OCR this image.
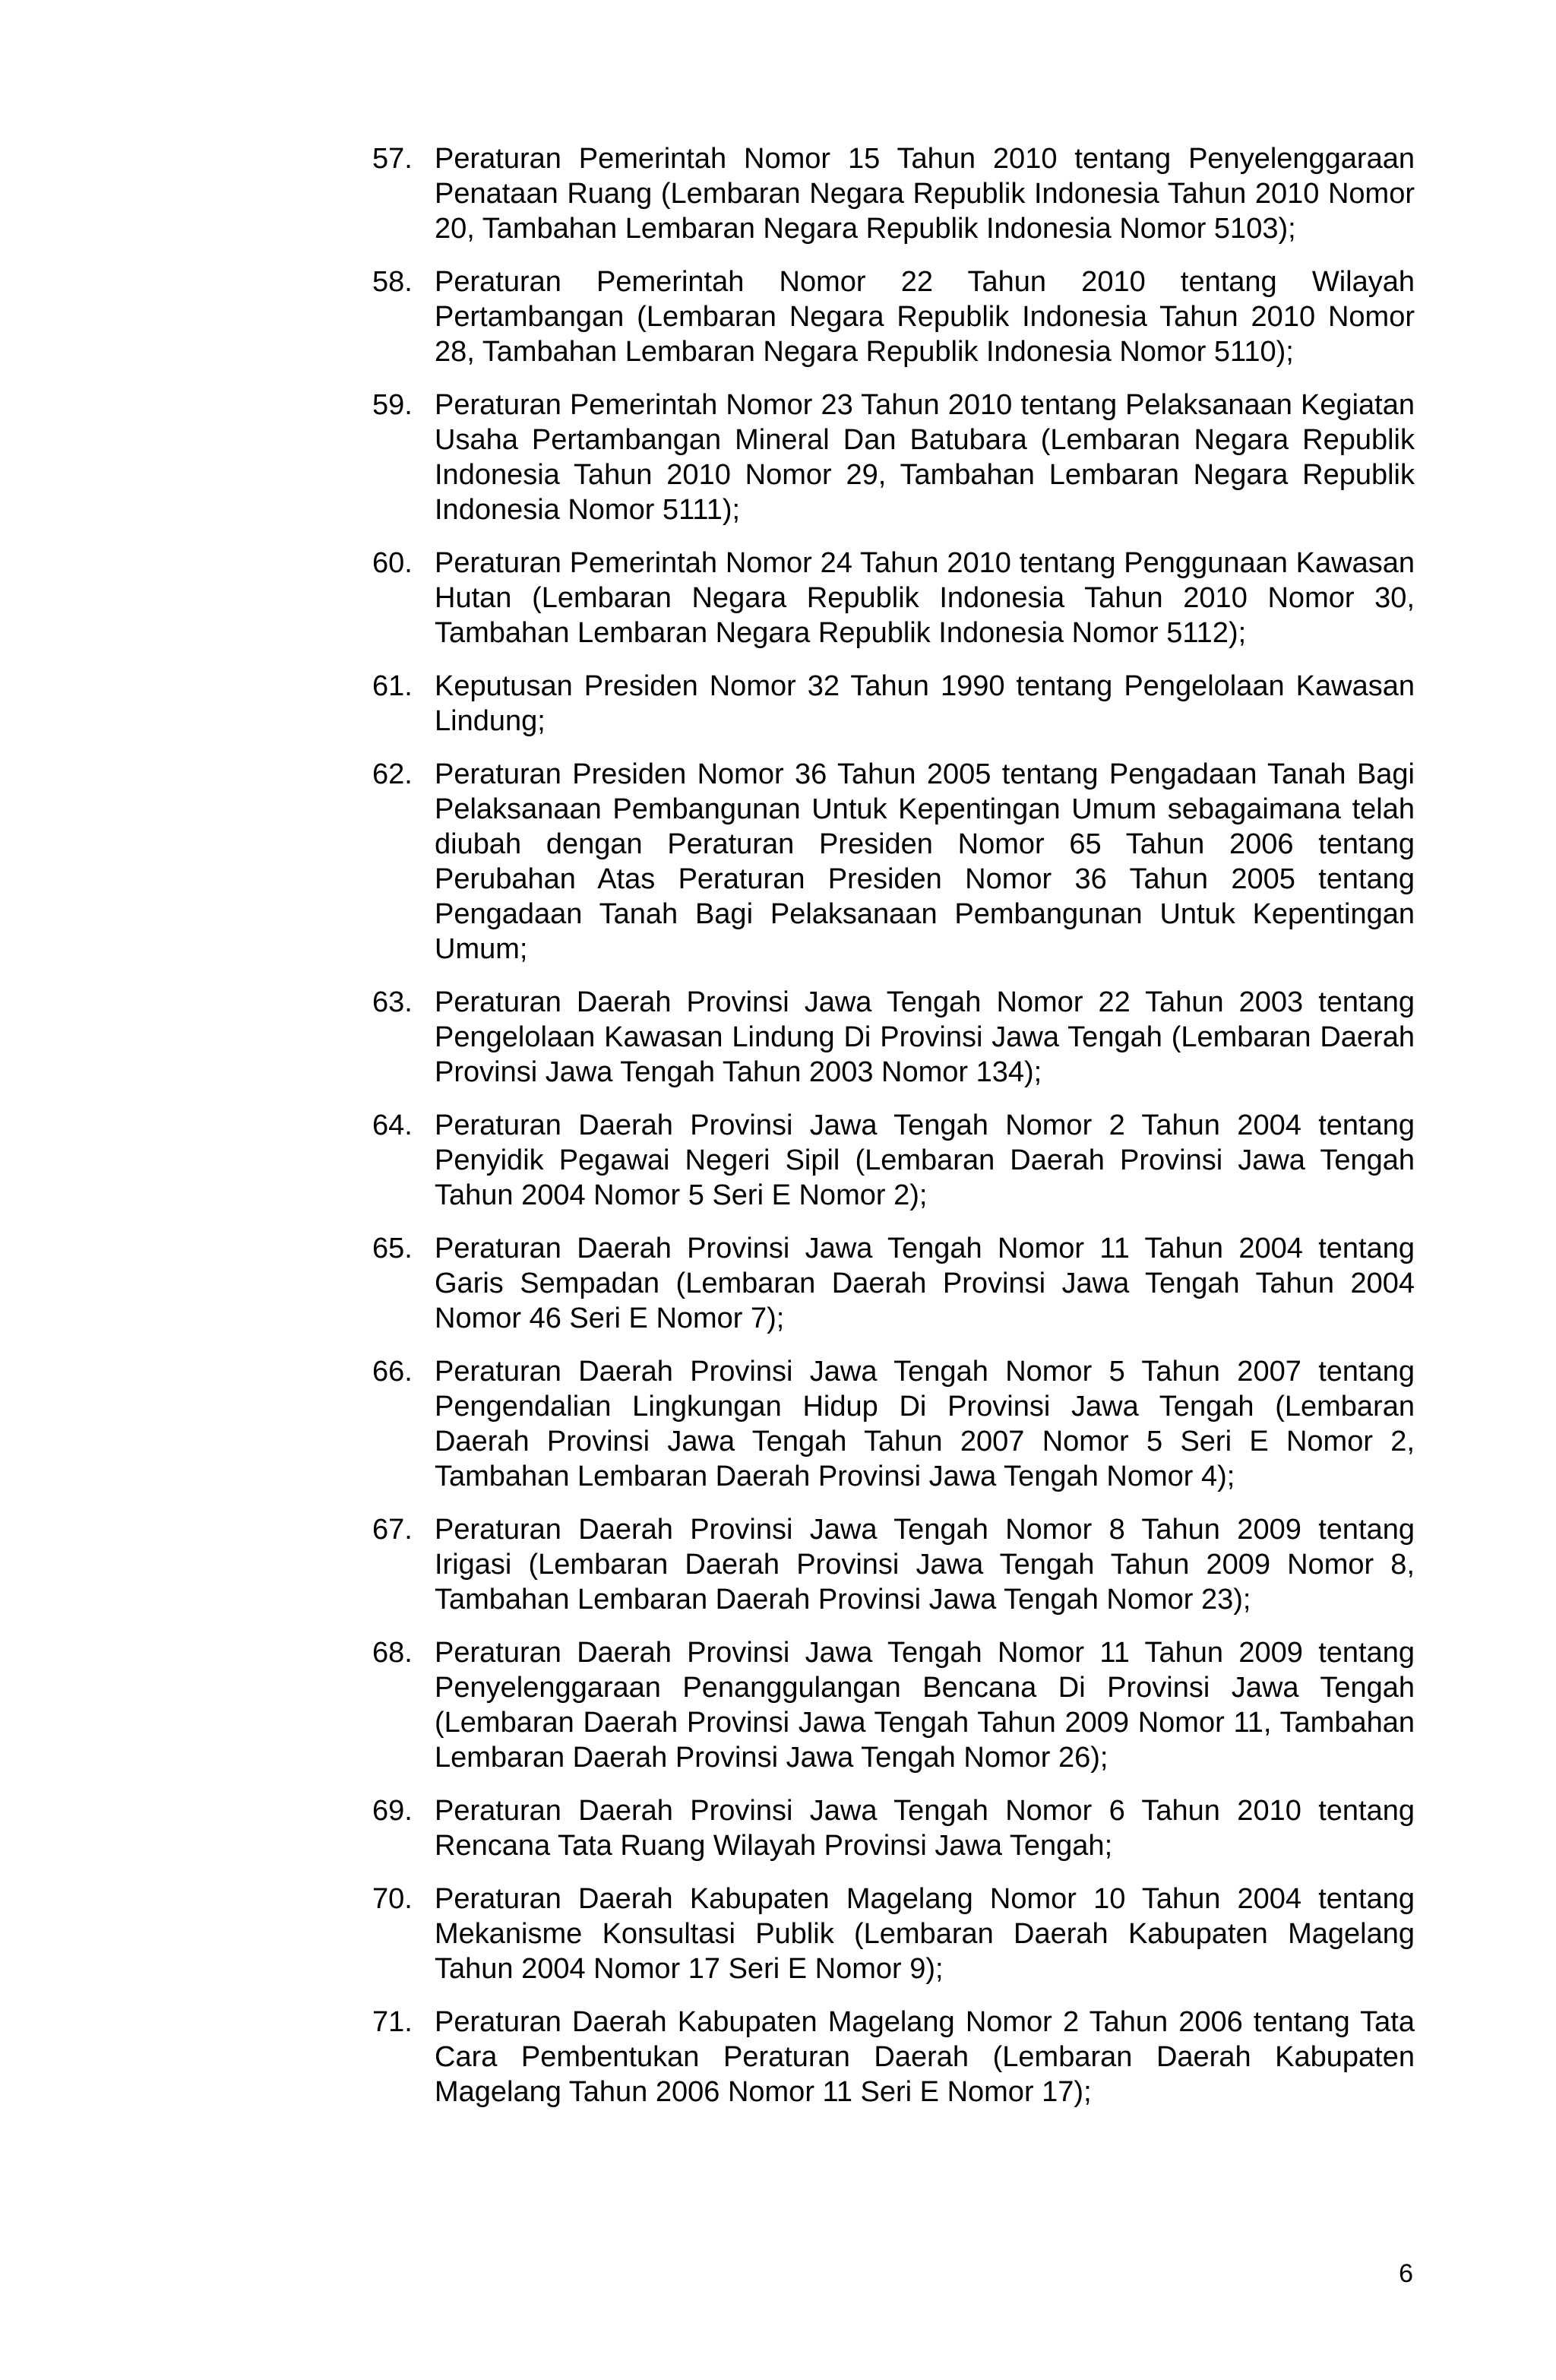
57. Peraturan Pemerintah Nomor 15 Tahun 2010 tentang Penyelenggaraan Penataan Ruang (Lembaran Negara Republik Indonesia Tahun 2010 Nomor 20, Tambahan Lembaran Negara Republik Indonesia Nomor 5103);
58. Peraturan Pemerintah Nomor 22 Tahun 2010 tentang Wilayah Pertambangan (Lembaran Negara Republik Indonesia Tahun 2010 Nomor 28, Tambahan Lembaran Negara Republik Indonesia Nomor 5110);
59. Peraturan Pemerintah Nomor 23 Tahun 2010 tentang Pelaksanaan Kegiatan Usaha Pertambangan Mineral Dan Batubara (Lembaran Negara Republik Indonesia Tahun 2010 Nomor 29, Tambahan Lembaran Negara Republik Indonesia Nomor 5111);
60. Peraturan Pemerintah Nomor 24 Tahun 2010 tentang Penggunaan Kawasan Hutan (Lembaran Negara Republik Indonesia Tahun 2010 Nomor 30, Tambahan Lembaran Negara Republik Indonesia Nomor 5112);
61. Keputusan Presiden Nomor 32 Tahun 1990 tentang Pengelolaan Kawasan Lindung;
62. Peraturan Presiden Nomor 36 Tahun 2005 tentang Pengadaan Tanah Bagi Pelaksanaan Pembangunan Untuk Kepentingan Umum sebagaimana telah diubah dengan Peraturan Presiden Nomor 65 Tahun 2006 tentang Perubahan Atas Peraturan Presiden Nomor 36 Tahun 2005 tentang Pengadaan Tanah Bagi Pelaksanaan Pembangunan Untuk Kepentingan Umum;
63. Peraturan Daerah Provinsi Jawa Tengah Nomor 22 Tahun 2003 tentang Pengelolaan Kawasan Lindung Di Provinsi Jawa Tengah (Lembaran Daerah Provinsi Jawa Tengah Tahun 2003 Nomor 134);
64. Peraturan Daerah Provinsi Jawa Tengah Nomor 2 Tahun 2004 tentang Penyidik Pegawai Negeri Sipil (Lembaran Daerah Provinsi Jawa Tengah Tahun 2004 Nomor 5 Seri E Nomor 2);
65. Peraturan Daerah Provinsi Jawa Tengah Nomor 11 Tahun 2004 tentang Garis Sempadan (Lembaran Daerah Provinsi Jawa Tengah Tahun 2004 Nomor 46 Seri E Nomor 7);
66. Peraturan Daerah Provinsi Jawa Tengah Nomor 5 Tahun 2007 tentang Pengendalian Lingkungan Hidup Di Provinsi Jawa Tengah (Lembaran Daerah Provinsi Jawa Tengah Tahun 2007 Nomor 5 Seri E Nomor 2, Tambahan Lembaran Daerah Provinsi Jawa Tengah Nomor 4);
67. Peraturan Daerah Provinsi Jawa Tengah Nomor 8 Tahun 2009 tentang Irigasi (Lembaran Daerah Provinsi Jawa Tengah Tahun 2009 Nomor 8, Tambahan Lembaran Daerah Provinsi Jawa Tengah Nomor 23);
68. Peraturan Daerah Provinsi Jawa Tengah Nomor 11 Tahun 2009 tentang Penyelenggaraan Penanggulangan Bencana Di Provinsi Jawa Tengah (Lembaran Daerah Provinsi Jawa Tengah Tahun 2009 Nomor 11, Tambahan Lembaran Daerah Provinsi Jawa Tengah Nomor 26);
69. Peraturan Daerah Provinsi Jawa Tengah Nomor 6 Tahun 2010 tentang Rencana Tata Ruang Wilayah Provinsi Jawa Tengah;
70. Peraturan Daerah Kabupaten Magelang Nomor 10 Tahun 2004 tentang Mekanisme Konsultasi Publik (Lembaran Daerah Kabupaten Magelang Tahun 2004 Nomor 17 Seri E Nomor 9);
71. Peraturan Daerah Kabupaten Magelang Nomor 2 Tahun 2006 tentang Tata Cara Pembentukan Peraturan Daerah (Lembaran Daerah Kabupaten Magelang Tahun 2006 Nomor 11 Seri E Nomor 17);
6
